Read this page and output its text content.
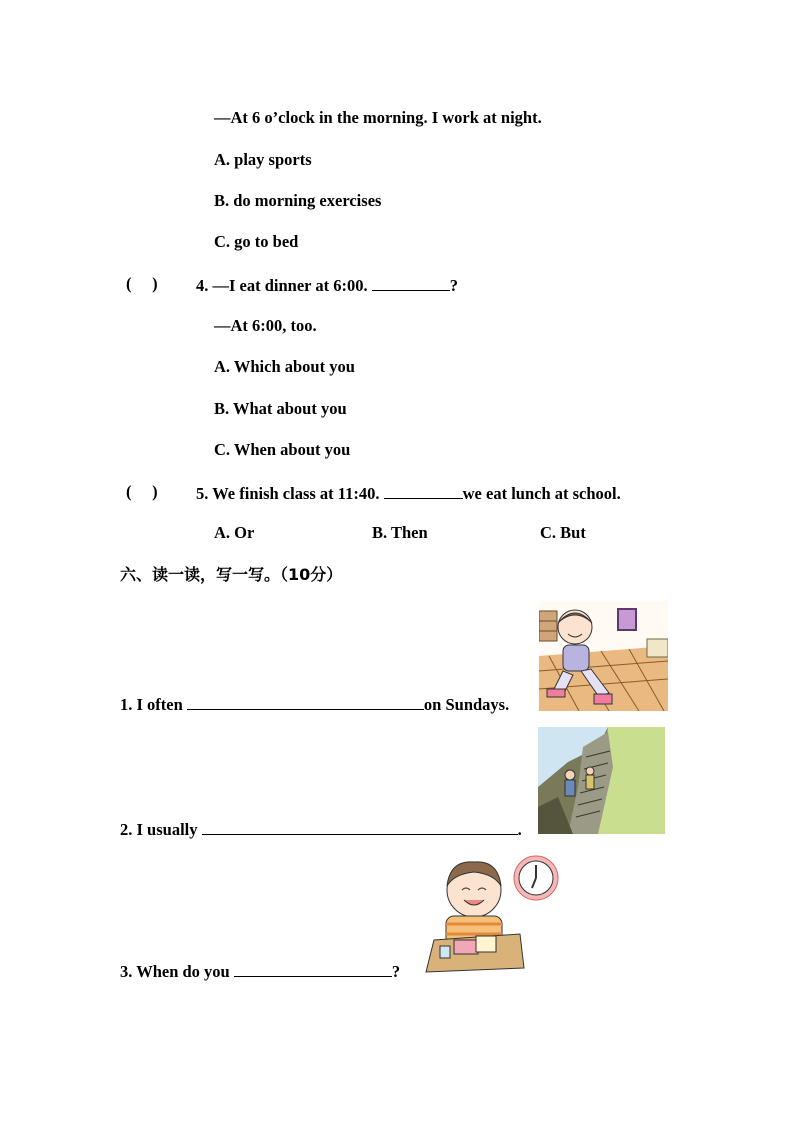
—At 6 o’clock in the morning. I work at night.
A. play sports
B. do morning exercises
C. go to bed
(     ) 4. —I eat dinner at 6:00.	?
—At 6:00, too.
A. Which about you
B. What about you
C. When about you
(     ) 5. We finish class at 11:40.	we eat lunch at school.
A. Or	B. Then	C. But
六、读一读，写一写。（10分）
1. I often	on Sundays.
2. I usually	.
3. When do you	?
